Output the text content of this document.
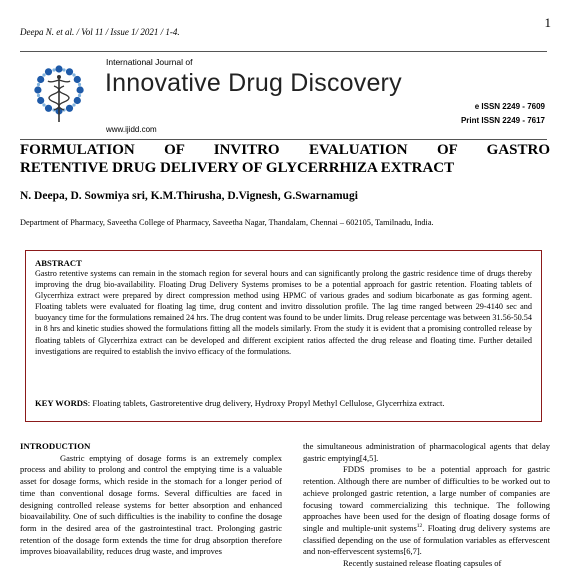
1
Deepa N. et al. / Vol 11 / Issue 1/ 2021 / 1-4.
International Journal of
Innovative Drug Discovery
www.ijidd.com
e ISSN 2249 - 7609
Print ISSN 2249 - 7617
FORMULATION OF INVITRO EVALUATION OF GASTRO
RETENTIVE DRUG DELIVERY OF GLYCERRHIZA EXTRACT
N. Deepa, D. Sowmiya sri, K.M.Thirusha, D.Vignesh, G.Swarnamugi
Department of Pharmacy, Saveetha College of Pharmacy, Saveetha Nagar, Thandalam, Chennai – 602105, Tamilnadu, India.
ABSTRACT
Gastro retentive systems can remain in the stomach region for several hours and can significantly prolong the gastric residence time of drugs thereby improving the drug bio-availability. Floating Drug Delivery Systems promises to be a potential approach for gastric retention. Floating tablets of Glycerrhiza extract were prepared by direct compression method using HPMC of various grades and sodium bicarbonate as gas forming agent. Floating tablets were evaluated for floating lag time, drug content and invitro dissolution profile. The lag time ranged between 29-4140 sec and buoyancy time for the formulations remained 24 hrs. The drug content was found to be under limits. Drug release percentage was between 31.56-50.54 in 8 hrs and kinetic studies showed the formulations fitting all the models similarly. From the study it is evident that a promising controlled release by floating tablets of Glycerrhiza extract can be developed and different excipient ratios affected the drug release and floating time. Further detailed investigations are required to establish the invivo efficacy of the formulations.
KEY WORDS: Floating tablets, Gastroretentive drug delivery, Hydroxy Propyl Methyl Cellulose, Glycerrhiza extract.

INTRODUCTION

Gastric emptying of dosage forms is an extremely complex process and ability to prolong and control the emptying time is a valuable asset for dosage forms, which reside in the stomach for a longer period of time than conventional dosage forms. Several difficulties are faced in designing controlled release systems for better absorption and enhanced bioavailability. One of such difficulties is the inability to confine the dosage form in the desired area of the gastrointestinal tract. Prolonging gastric retention of the dosage form extends the time for drug absorption therefore improves bioavailability, reduces drug waste, and improves

the simultaneous administration of pharmacological agents that delay gastric emptying[4,5].

FDDS promises to be a potential approach for gastric retention. Although there are number of difficulties to be worked out to achieve prolonged gastric retention, a large number of companies are focusing toward commercializing this technique. The following approaches have been used for the design of floating dosage forms of single and multiple-unit systems$^{12}$. Floating drug delivery systems are classified depending on the use of formulation variables as effervescent and non-effervescent systems[6,7].

Recently sustained release floating capsules of
